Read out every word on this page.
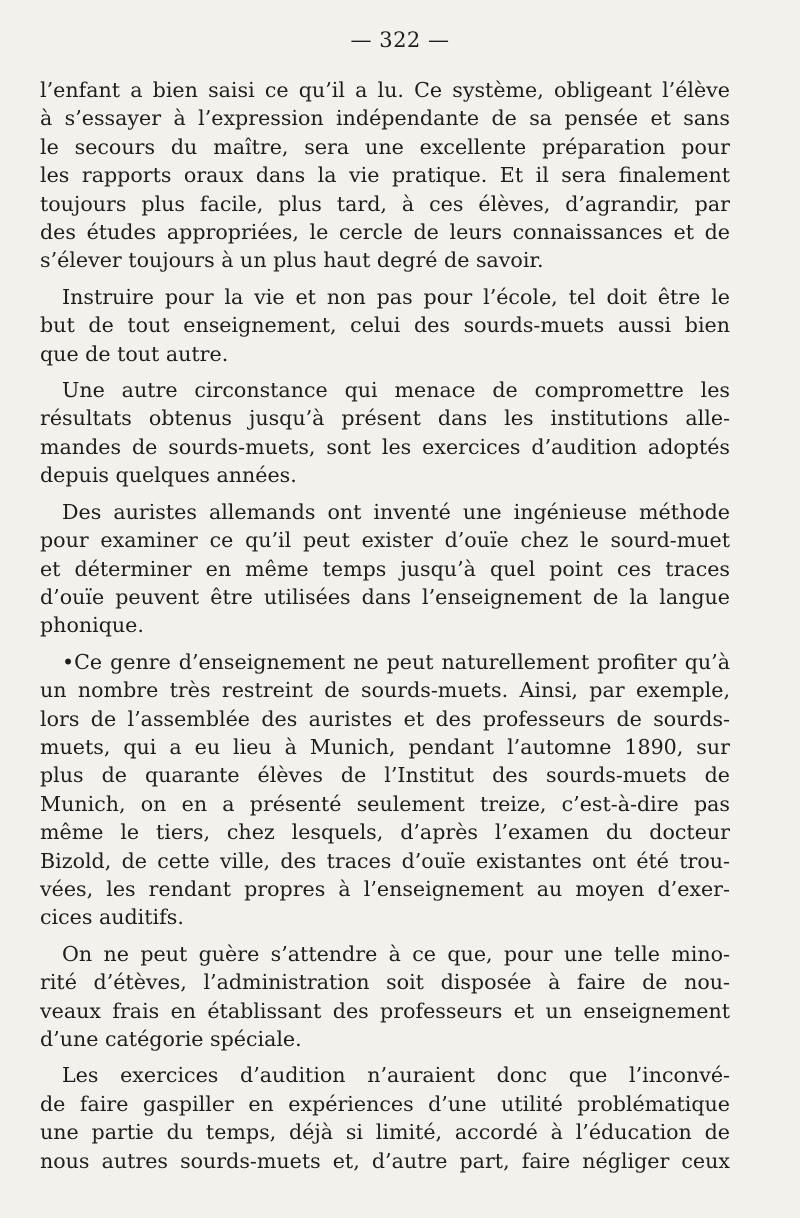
— 322 —

l’enfant a bien saisi ce qu’il a lu. Ce système, obligeant l’élève
à s’essayer à l’expression indépendante de sa pensée et sans
le secours du maître, sera une excellente préparation pour
les rapports oraux dans la vie pratique. Et il sera finalement
toujours plus facile, plus tard, à ces élèves, d’agrandir, par
des études appropriées, le cercle de leurs connaissances et de
s’élever toujours à un plus haut degré de savoir.

Instruire pour la vie et non pas pour l’école, tel doit être le
but de tout enseignement, celui des sourds-muets aussi bien
que de tout autre.

Une autre circonstance qui menace de compromettre les
résultats obtenus jusqu’à présent dans les institutions alle-
mandes de sourds-muets, sont les exercices d’audition adoptés
depuis quelques années.

Des auristes allemands ont inventé une ingénieuse méthode
pour examiner ce qu’il peut exister d’ouïe chez le sourd-muet
et déterminer en même temps jusqu’à quel point ces traces
d’ouïe peuvent être utilisées dans l’enseignement de la langue
phonique.

•Ce genre d’enseignement ne peut naturellement profiter qu’à
un nombre très restreint de sourds-muets. Ainsi, par exemple,
lors de l’assemblée des auristes et des professeurs de sourds-
muets, qui a eu lieu à Munich, pendant l’automne 1890, sur
plus de quarante élèves de l’Institut des sourds-muets de
Munich, on en a présenté seulement treize, c’est-à-dire pas
même le tiers, chez lesquels, d’après l’examen du docteur
Bizold, de cette ville, des traces d’ouïe existantes ont été trou-
vées, les rendant propres à l’enseignement au moyen d’exer-
cices auditifs.

On ne peut guère s’attendre à ce que, pour une telle mino-
rité d’étèves, l’administration soit disposée à faire de nou-
veaux frais en établissant des professeurs et un enseignement
d’une catégorie spéciale.

Les exercices d’audition n’auraient donc que l’inconvé-
de faire gaspiller en expériences d’une utilité problématique
une partie du temps, déjà si limité, accordé à l’éducation de
nous autres sourds-muets et, d’autre part, faire négliger ceux
